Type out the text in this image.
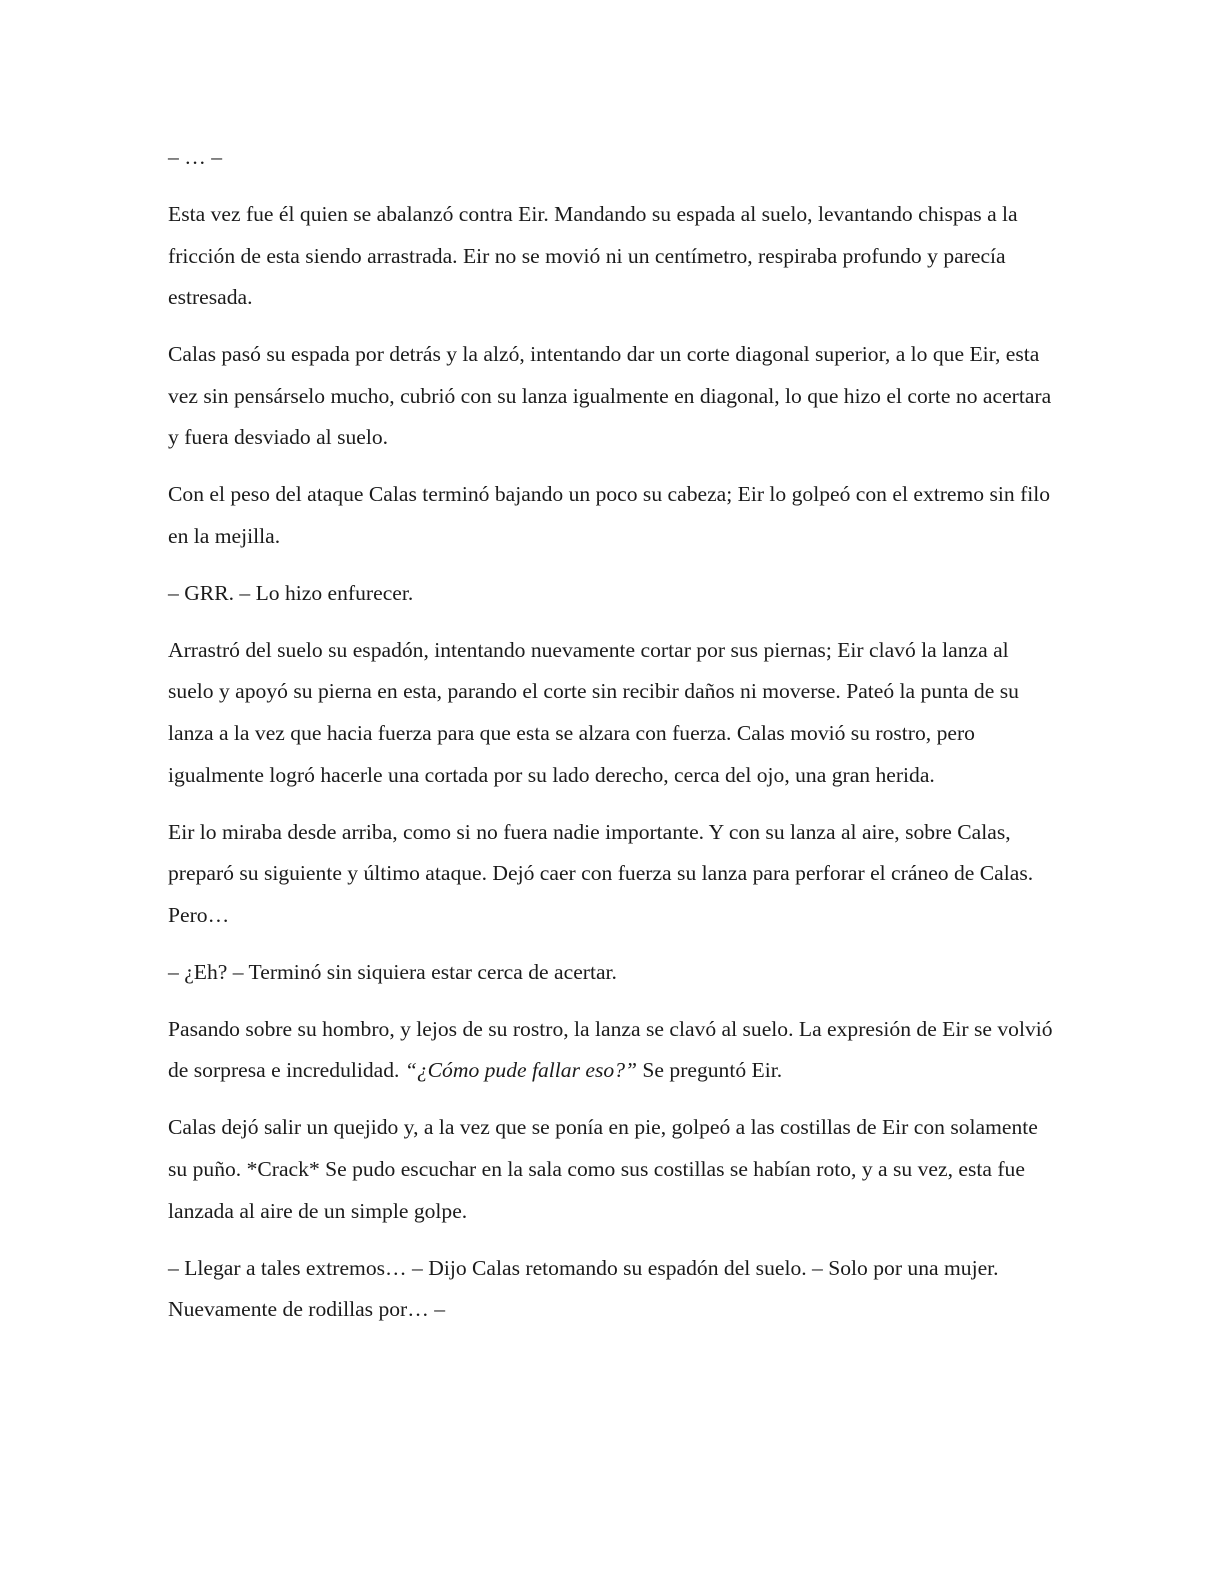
– … –

Esta vez fue él quien se abalanzó contra Eir. Mandando su espada al suelo, levantando chispas a la fricción de esta siendo arrastrada. Eir no se movió ni un centímetro, respiraba profundo y parecía estresada.

Calas pasó su espada por detrás y la alzó, intentando dar un corte diagonal superior, a lo que Eir, esta vez sin pensárselo mucho, cubrió con su lanza igualmente en diagonal, lo que hizo el corte no acertara y fuera desviado al suelo.

Con el peso del ataque Calas terminó bajando un poco su cabeza; Eir lo golpeó con el extremo sin filo en la mejilla.

– GRR. – Lo hizo enfurecer.

Arrastró del suelo su espadón, intentando nuevamente cortar por sus piernas; Eir clavó la lanza al suelo y apoyó su pierna en esta, parando el corte sin recibir daños ni moverse. Pateó la punta de su lanza a la vez que hacia fuerza para que esta se alzara con fuerza. Calas movió su rostro, pero igualmente logró hacerle una cortada por su lado derecho, cerca del ojo, una gran herida.

Eir lo miraba desde arriba, como si no fuera nadie importante. Y con su lanza al aire, sobre Calas, preparó su siguiente y último ataque. Dejó caer con fuerza su lanza para perforar el cráneo de Calas. Pero…

– ¿Eh? – Terminó sin siquiera estar cerca de acertar.

Pasando sobre su hombro, y lejos de su rostro, la lanza se clavó al suelo. La expresión de Eir se volvió de sorpresa e incredulidad. “¿Cómo pude fallar eso?” Se preguntó Eir.

Calas dejó salir un quejido y, a la vez que se ponía en pie, golpeó a las costillas de Eir con solamente su puño. *Crack* Se pudo escuchar en la sala como sus costillas se habían roto, y a su vez, esta fue lanzada al aire de un simple golpe.

– Llegar a tales extremos… – Dijo Calas retomando su espadón del suelo. – Solo por una mujer. Nuevamente de rodillas por… –
